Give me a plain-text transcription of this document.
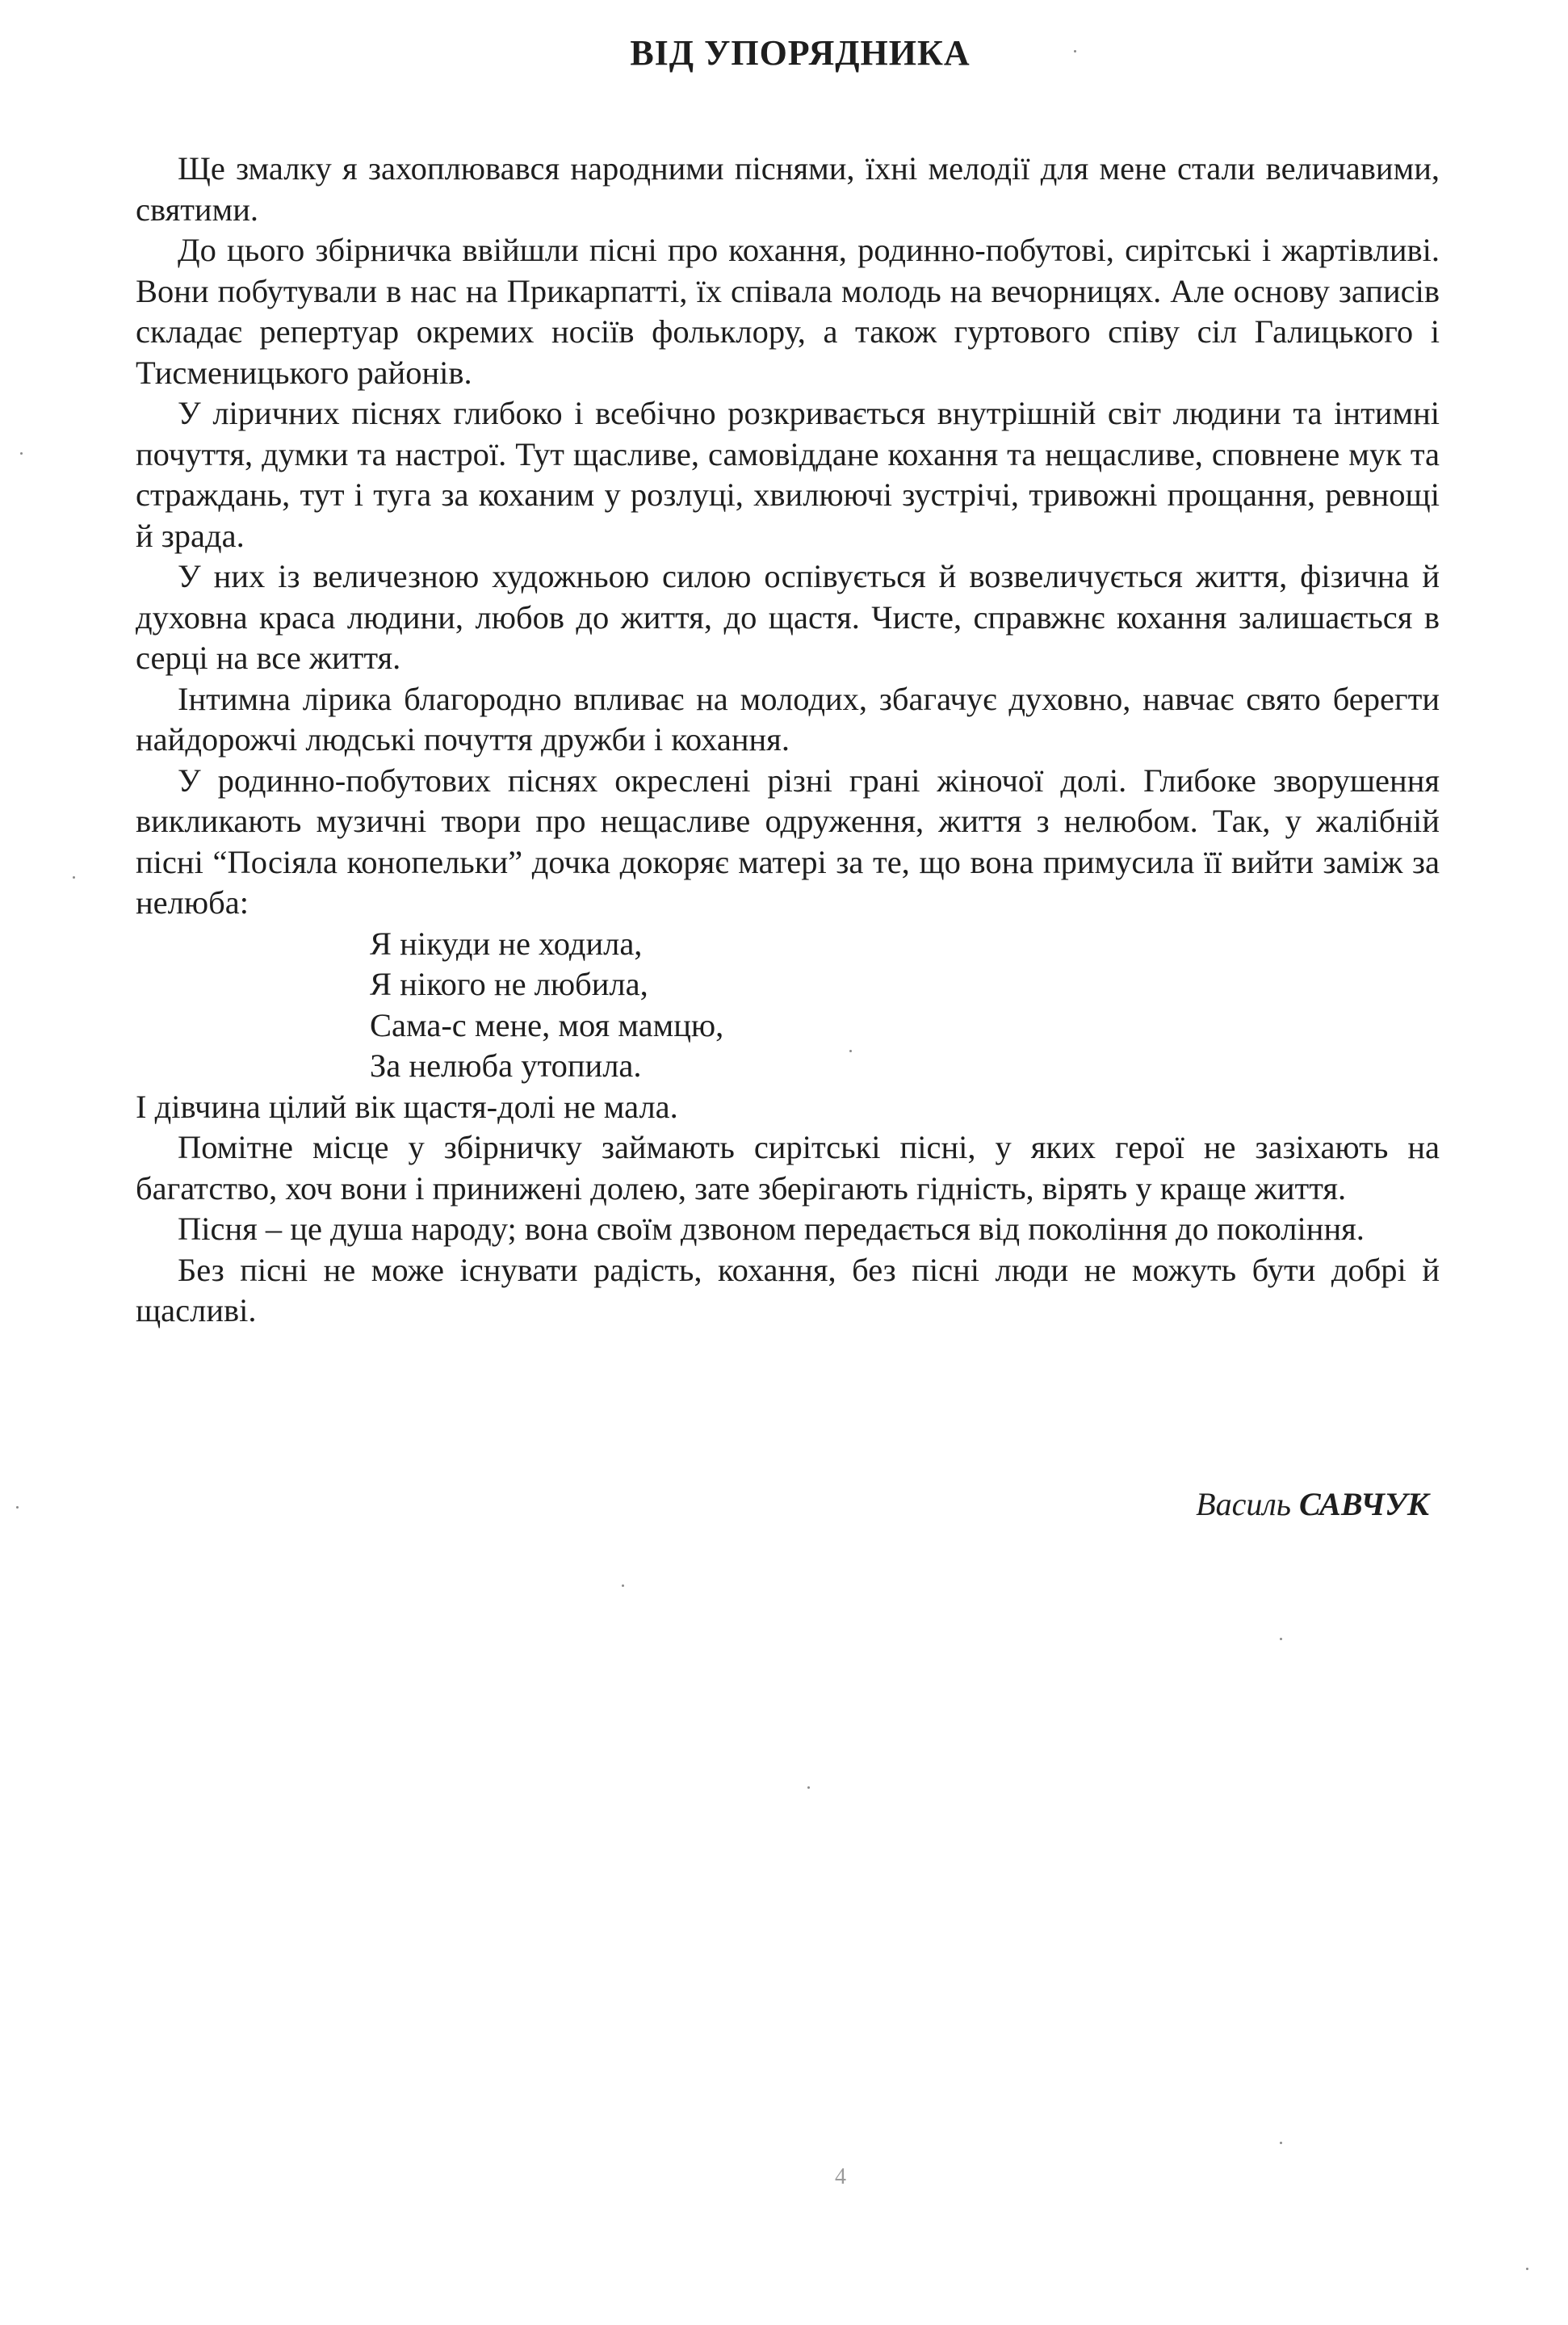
ВІД УПОРЯДНИКА

Ще змалку я захоплювався народними піснями, їхні мелодії для мене стали величавими, святими.

До цього збірничка ввійшли пісні про кохання, родинно-побутові, сирітські і жартівливі. Вони побутували в нас на Прикарпатті, їх співала молодь на вечорницях. Але основу записів складає репертуар окремих носіїв фольклору, а також гуртового співу сіл Галицького і Тисменицького районів.

У ліричних піснях глибоко і всебічно розкривається внутрішній світ людини та інтимні почуття, думки та настрої. Тут щасливе, самовіддане кохання та нещасливе, сповнене мук та страждань, тут і туга за коханим у розлуці, хвилюючі зустрічі, тривожні прощання, ревнощі й зрада.

У них із величезною художньою силою оспівується й возвеличується життя, фізична й духовна краса людини, любов до життя, до щастя. Чисте, справжнє кохання залишається в серці на все життя.

Інтимна лірика благородно впливає на молодих, збагачує духовно, навчає свято берегти найдорожчі людські почуття дружби і кохання.

У родинно-побутових піснях окреслені різні грані жіночої долі. Глибоке зворушення викликають музичні твори про нещасливе одруження, життя з нелюбом. Так, у жалібній пісні “Посіяла конопельки” дочка докоряє матері за те, що вона примусила її вийти заміж за нелюба:

Я нікуди не ходила,
Я нікого не любила,
Сама-с мене, моя мамцю,
За нелюба утопила.

І дівчина цілий вік щастя-долі не мала.

Помітне місце у збірничку займають сирітські пісні, у яких герої не зазіхають на багатство, хоч вони і принижені долею, зате зберігають гідність, вірять у краще життя.

Пісня – це душа народу; вона своїм дзвоном передається від покоління до покоління.

Без пісні не може існувати радість, кохання, без пісні люди не можуть бути добрі й щасливі.

Василь САВЧУК
4
